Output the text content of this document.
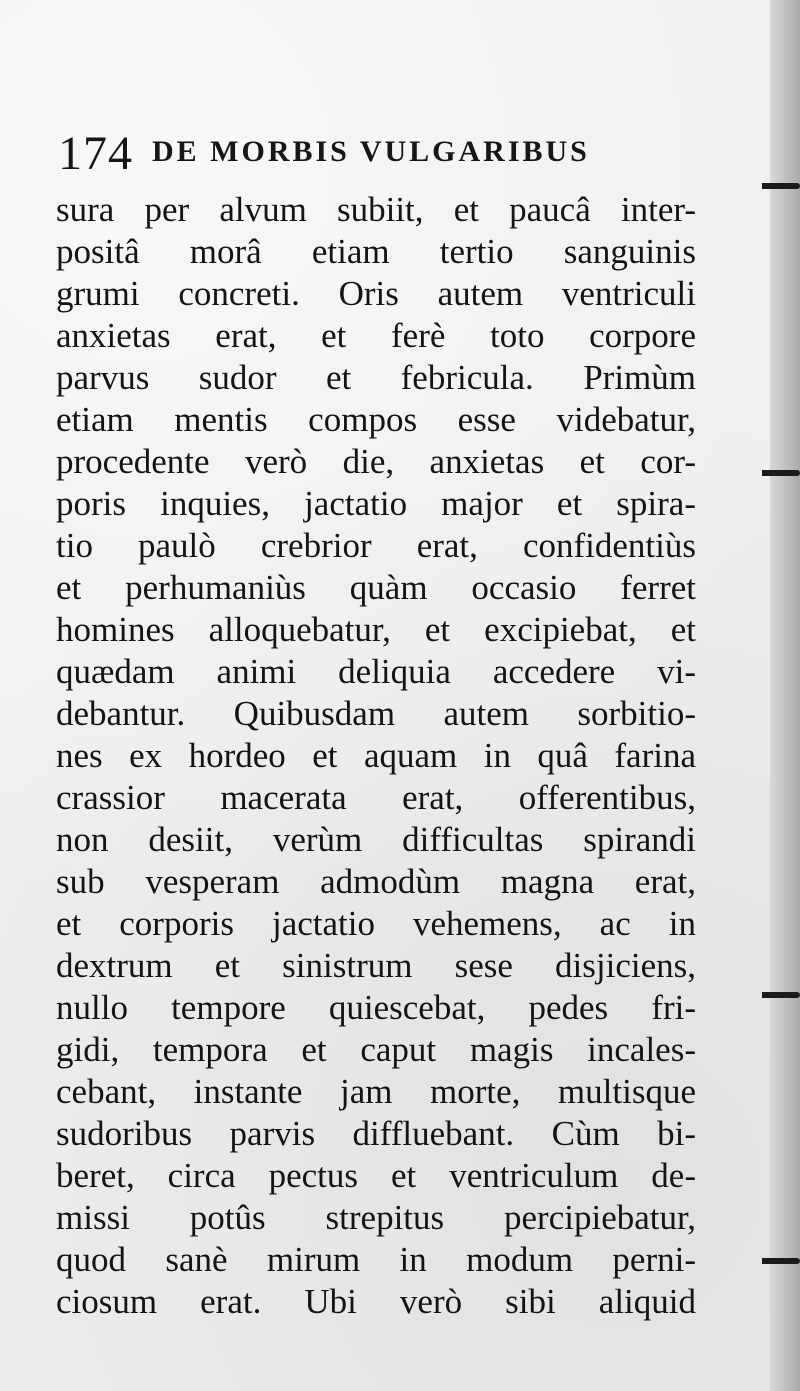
174 DE MORBIS VULGARIBUS
sura per alvum subiit, et paucâ inter-
positâ morâ etiam tertio sanguinis
grumi concreti. Oris autem ventriculi
anxietas erat, et ferè toto corpore
parvus sudor et febricula. Primùm
etiam mentis compos esse videbatur,
procedente verò die, anxietas et cor-
poris inquies, jactatio major et spira-
tio paulò crebrior erat, confidentiùs
et perhumaniùs quàm occasio ferret
homines alloquebatur, et excipiebat, et
quædam animi deliquia accedere vi-
debantur. Quibusdam autem sorbitio-
nes ex hordeo et aquam in quâ farina
crassior macerata erat, offerentibus,
non desiit, verùm difficultas spirandi
sub vesperam admodùm magna erat,
et corporis jactatio vehemens, ac in
dextrum et sinistrum sese disjiciens,
nullo tempore quiescebat, pedes fri-
gidi, tempora et caput magis incales-
cebant, instante jam morte, multisque
sudoribus parvis diffluebant. Cùm bi-
beret, circa pectus et ventriculum de-
missi potûs strepitus percipiebatur,
quod sanè mirum in modum perni-
ciosum erat. Ubi verò sibi aliquid
